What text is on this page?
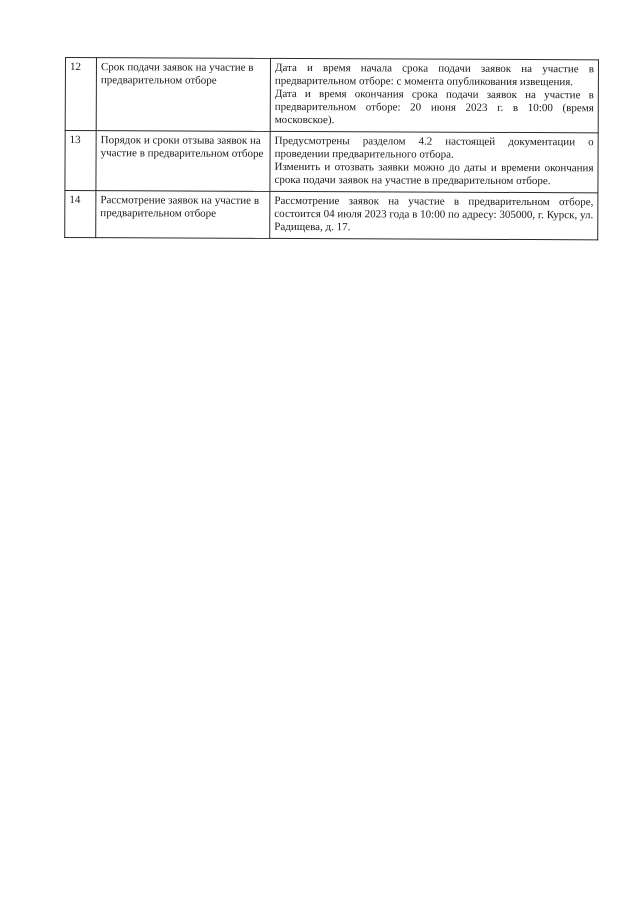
12	Срок подачи заявок на участие в предварительном отборе	Дата и время начала срока подачи заявок на участие в предварительном отборе: с момента опубликования извещения.
Дата и время окончания срока подачи заявок на участие в предварительном отборе: 20 июня 2023 г. в 10:00 (время московское).

13	Порядок и сроки отзыва заявок на участие в предварительном отборе	Предусмотрены разделом 4.2 настоящей документации о проведении предварительного отбора.
Изменить и отозвать заявки можно до даты и времени окончания срока подачи заявок на участие в предварительном отборе.

14	Рассмотрение заявок на участие в предварительном отборе	Рассмотрение заявок на участие в предварительном отборе, состоится 04 июля 2023 года в 10:00 по адресу: 305000, г. Курск, ул. Радищева, д. 17.
